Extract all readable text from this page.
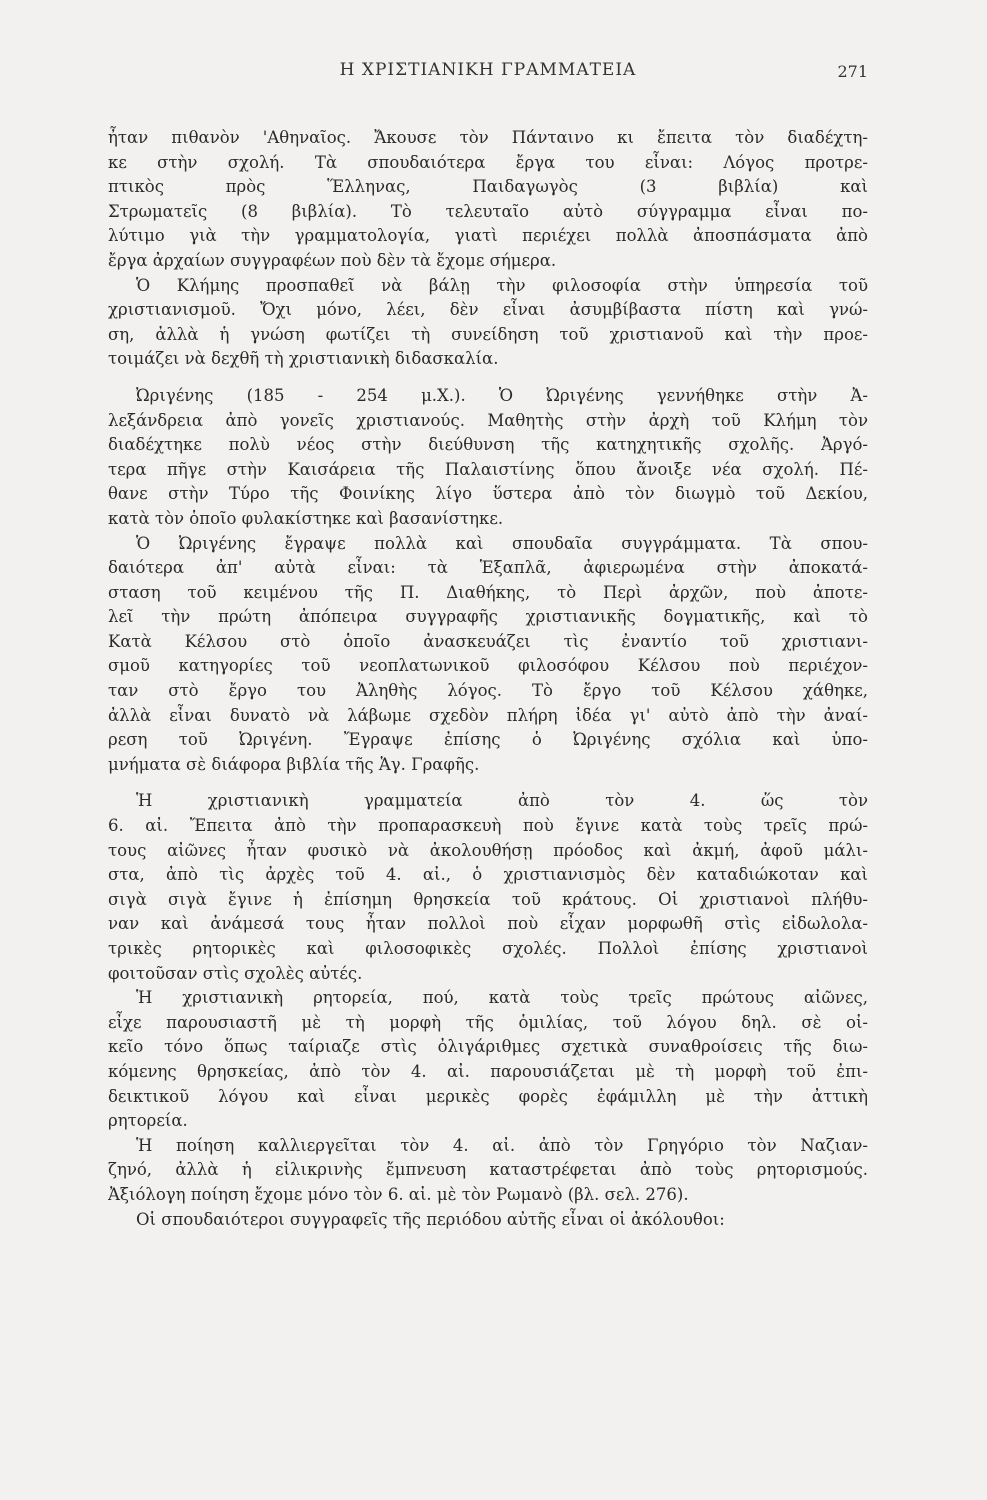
Η ΧΡΙΣΤΙΑΝΙΚΗ ΓΡΑΜΜΑΤΕΙΑ	271
ἦταν πιθανὸν 'Αθηναῖος. Ἄκουσε τὸν Πάνταινο κι ἔπειτα τὸν διαδέχτη-
κε στὴν σχολή. Τὰ σπουδαιότερα ἔργα του εἶναι: Λόγος προτρε-
πτικὸς πρὸς Ἕλληνας, Παιδαγωγὸς (3 βιβλία) καὶ
Στρωματεῖς (8 βιβλία). Τὸ τελευταῖο αὐτὸ σύγγραμμα εἶναι πο-
λύτιμο γιὰ τὴν γραμματολογία, γιατὶ περιέχει πολλὰ ἀποσπάσματα ἀπὸ
ἔργα ἀρχαίων συγγραφέων ποὺ δὲν τὰ ἔχομε σήμερα.
Ὁ Κλήμης προσπαθεῖ νὰ βάλῃ τὴν φιλοσοφία στὴν ὑπηρεσία τοῦ
χριστιανισμοῦ. Ὄχι μόνο, λέει, δὲν εἶναι ἀσυμβίβαστα πίστη καὶ γνώ-
ση, ἀλλὰ ἡ γνώση φωτίζει τὴ συνείδηση τοῦ χριστιανοῦ καὶ τὴν προε-
τοιμάζει νὰ δεχθῆ τὴ χριστιανικὴ διδασκαλία.
Ὠριγένης (185 - 254 μ.Χ.). Ὁ Ὠριγένης γεννήθηκε στὴν Ἀ-
λεξάνδρεια ἀπὸ γονεῖς χριστιανούς. Μαθητὴς στὴν ἀρχὴ τοῦ Κλήμη τὸν
διαδέχτηκε πολὺ νέος στὴν διεύθυνση τῆς κατηχητικῆς σχολῆς. Ἀργό-
τερα πῆγε στὴν Καισάρεια τῆς Παλαιστίνης ὅπου ἄνοιξε νέα σχολή. Πέ-
θανε στὴν Τύρο τῆς Φοινίκης λίγο ὕστερα ἀπὸ τὸν διωγμὸ τοῦ Δεκίου,
κατὰ τὸν ὁποῖο φυλακίστηκε καὶ βασανίστηκε.
Ὁ Ὠριγένης ἔγραψε πολλὰ καὶ σπουδαῖα συγγράμματα. Τὰ σπου-
δαιότερα ἀπ' αὐτὰ εἶναι: τὰ Ἑξαπλᾶ, ἀφιερωμένα στὴν ἀποκατά-
σταση τοῦ κειμένου τῆς Π. Διαθήκης, τὸ Περὶ ἀρχῶν, ποὺ ἀποτε-
λεῖ τὴν πρώτη ἀπόπειρα συγγραφῆς χριστιανικῆς δογματικῆς, καὶ τὸ
Κατὰ Κέλσου στὸ ὁποῖο ἀνασκευάζει τὶς ἐναντίο τοῦ χριστιανι-
σμοῦ κατηγορίες τοῦ νεοπλατωνικοῦ φιλοσόφου Κέλσου ποὺ περιέχον-
ταν στὸ ἔργο του Ἀληθὴς λόγος. Τὸ ἔργο τοῦ Κέλσου χάθηκε,
ἀλλὰ εἶναι δυνατὸ νὰ λάβωμε σχεδὸν πλήρη ἰδέα γι' αὐτὸ ἀπὸ τὴν ἀναί-
ρεση τοῦ Ὠριγένη. Ἔγραψε ἐπίσης ὁ Ὠριγένης σχόλια καὶ ὑπο-
μνήματα σὲ διάφορα βιβλία τῆς Ἁγ. Γραφῆς.
Ἡ χριστιανικὴ γραμματεία ἀπὸ τὸν 4. ὥς τὸν
6. αἰ. Ἔπειτα ἀπὸ τὴν προπαρασκευὴ ποὺ ἔγινε κατὰ τοὺς τρεῖς πρώ-
τους αἰῶνες ἦταν φυσικὸ νὰ ἀκολουθήσῃ πρόοδος καὶ ἀκμή, ἀφοῦ μάλι-
στα, ἀπὸ τὶς ἀρχὲς τοῦ 4. αἰ., ὁ χριστιανισμὸς δὲν καταδιώκοταν καὶ
σιγὰ σιγὰ ἔγινε ἡ ἐπίσημη θρησκεία τοῦ κράτους. Οἱ χριστιανοὶ πλήθυ-
ναν καὶ ἀνάμεσά τους ἦταν πολλοὶ ποὺ εἶχαν μορφωθῆ στὶς εἰδωλολα-
τρικὲς ρητορικὲς καὶ φιλοσοφικὲς σχολές. Πολλοὶ ἐπίσης χριστιανοὶ
φοιτοῦσαν στὶς σχολὲς αὐτές.
Ἡ χριστιανικὴ ρητορεία, πού, κατὰ τοὺς τρεῖς πρώτους αἰῶνες,
εἶχε παρουσιαστῆ μὲ τὴ μορφὴ τῆς ὁμιλίας, τοῦ λόγου δηλ. σὲ οἰ-
κεῖο τόνο ὅπως ταίριαζε στὶς ὀλιγάριθμες σχετικὰ συναθροίσεις τῆς διω-
κόμενης θρησκείας, ἀπὸ τὸν 4. αἰ. παρουσιάζεται μὲ τὴ μορφὴ τοῦ ἐπι-
δεικτικοῦ λόγου καὶ εἶναι μερικὲς φορὲς ἐφάμιλλη μὲ τὴν ἀττικὴ
ρητορεία.
Ἡ ποίηση καλλιεργεῖται τὸν 4. αἰ. ἀπὸ τὸν Γρηγόριο τὸν Ναζιαν-
ζηνό, ἀλλὰ ἡ εἰλικρινὴς ἔμπνευση καταστρέφεται ἀπὸ τοὺς ρητορισμούς.
Ἀξιόλογη ποίηση ἔχομε μόνο τὸν 6. αἰ. μὲ τὸν Ρωμανὸ (βλ. σελ. 276).
Οἱ σπουδαιότεροι συγγραφεῖς τῆς περιόδου αὐτῆς εἶναι οἱ ἀκόλουθοι:
